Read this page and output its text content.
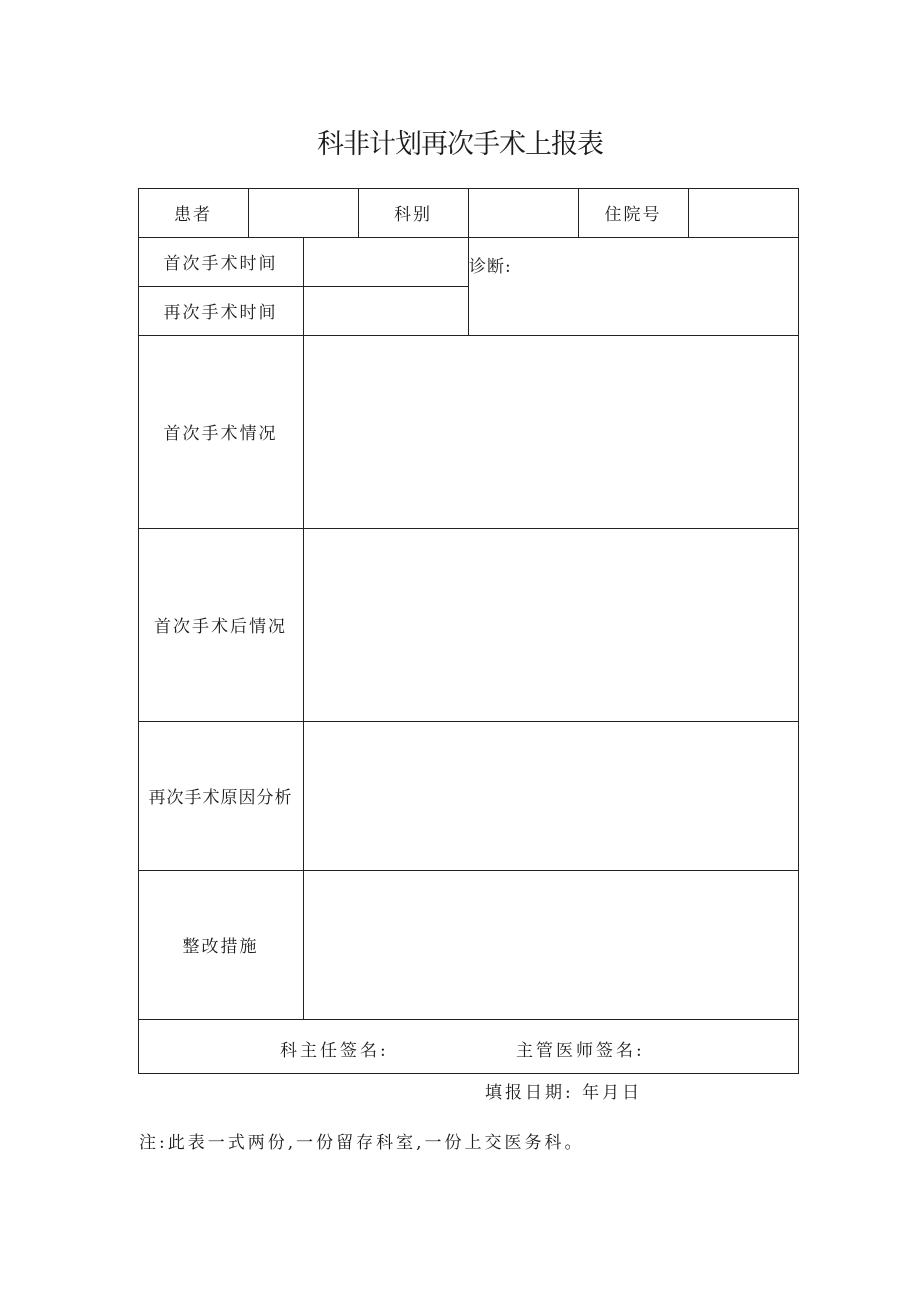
科非计划再次手术上报表
患者	科别	住院号
首次手术时间
再次手术时间
诊断:
首次手术情况
首次手术后情况
再次手术原因分析
整改措施
科主任签名:	主管医师签名:
填报日期: 年月日
注:此表一式两份,一份留存科室,一份上交医务科。
